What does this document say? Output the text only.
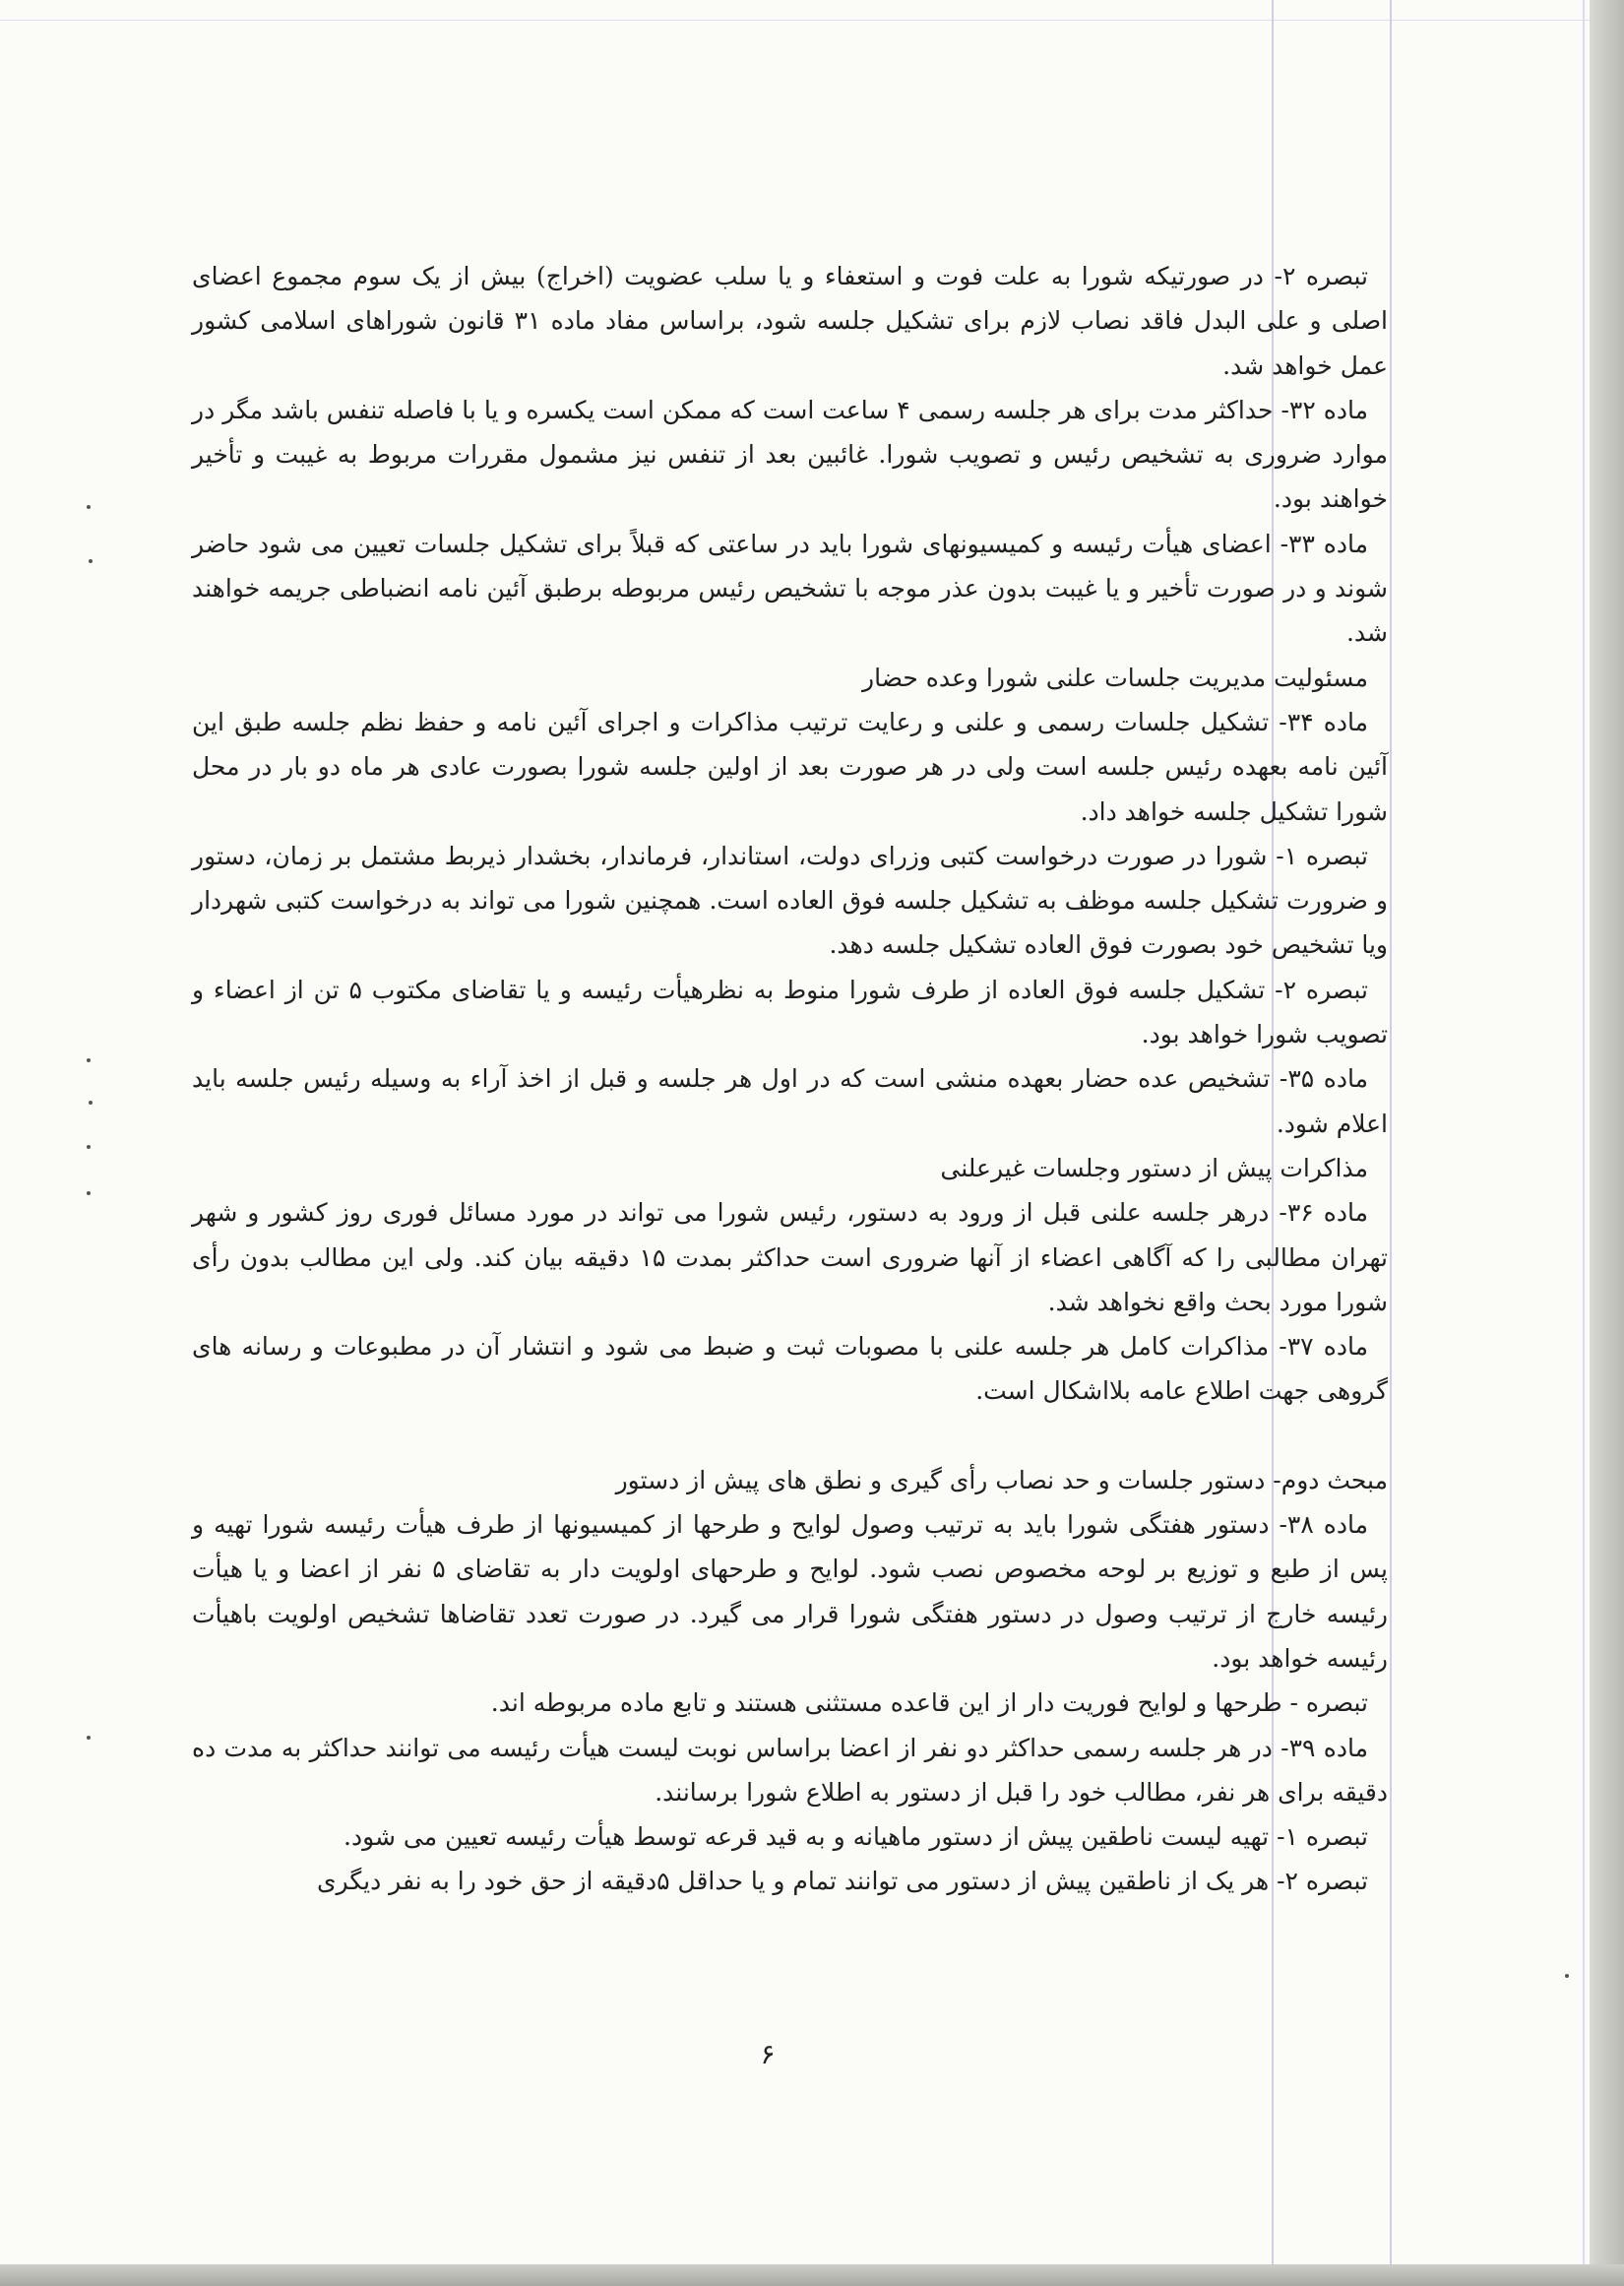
تبصره ۲- در صورتیکه شورا به علت فوت و استعفاء و یا سلب عضویت (اخراج) بیش از یک سوم مجموع اعضای اصلی و علی البدل فاقد نصاب لازم برای تشکیل جلسه شود، براساس مفاد ماده ۳۱ قانون شوراهای اسلامی کشور عمل خواهد شد.

ماده ۳۲- حداکثر مدت برای هر جلسه رسمی ۴ ساعت است که ممکن است یکسره و یا با فاصله تنفس باشد مگر در موارد ضروری به تشخیص رئیس و تصویب شورا. غائبین بعد از تنفس نیز مشمول مقررات مربوط به غیبت و تأخیر خواهند بود.

ماده ۳۳- اعضای هیأت رئیسه و کمیسیونهای شورا باید در ساعتی که قبلاً برای تشکیل جلسات تعیین می شود حاضر شوند و در صورت تأخیر و یا غیبت بدون عذر موجه با تشخیص رئیس مربوطه برطبق آئین نامه انضباطی جریمه خواهند شد.

مسئولیت مدیریت جلسات علنی شورا وعده حضار

ماده ۳۴- تشکیل جلسات رسمی و علنی و رعایت ترتیب مذاکرات و اجرای آئین نامه و حفظ نظم جلسه طبق این آئین نامه بعهده رئیس جلسه است ولی در هر صورت بعد از اولین جلسه شورا بصورت عادی هر ماه دو بار در محل شورا تشکیل جلسه خواهد داد.

تبصره ۱- شورا در صورت درخواست کتبی وزرای دولت، استاندار، فرماندار، بخشدار ذیربط مشتمل بر زمان، دستور و ضرورت تشکیل جلسه موظف به تشکیل جلسه فوق العاده است. همچنین شورا می تواند به درخواست کتبی شهردار ویا تشخیص خود بصورت فوق العاده تشکیل جلسه دهد.

تبصره ۲- تشکیل جلسه فوق العاده از طرف شورا منوط به نظرهیأت رئیسه و یا تقاضای مکتوب ۵ تن از اعضاء و تصویب شورا خواهد بود.

ماده ۳۵- تشخیص عده حضار بعهده منشی است که در اول هر جلسه و قبل از اخذ آراء به وسیله رئیس جلسه باید اعلام شود.

مذاکرات پیش از دستور وجلسات غیرعلنی

ماده ۳۶- درهر جلسه علنی قبل از ورود به دستور، رئیس شورا می تواند در مورد مسائل فوری روز کشور و شهر تهران مطالبی را که آگاهی اعضاء از آنها ضروری است حداکثر بمدت ۱۵ دقیقه بیان کند. ولی این مطالب بدون رأی شورا مورد بحث واقع نخواهد شد.

ماده ۳۷- مذاکرات کامل هر جلسه علنی با مصوبات ثبت و ضبط می شود و انتشار آن در مطبوعات و رسانه های گروهی جهت اطلاع عامه بلااشکال است.

مبحث دوم- دستور جلسات و حد نصاب رأی گیری و نطق های پیش از دستور

ماده ۳۸- دستور هفتگی شورا باید به ترتیب وصول لوایح و طرحها از کمیسیونها از طرف هیأت رئیسه شورا تهیه و پس از طبع و توزیع بر لوحه مخصوص نصب شود. لوایح و طرحهای اولویت دار به تقاضای ۵ نفر از اعضا و یا هیأت رئیسه خارج از ترتیب وصول در دستور هفتگی شورا قرار می گیرد. در صورت تعدد تقاضاها تشخیص اولویت باهیأت رئیسه خواهد بود.

تبصره - طرحها و لوایح فوریت دار از این قاعده مستثنی هستند و تابع ماده مربوطه اند.

ماده ۳۹- در هر جلسه رسمی حداکثر دو نفر از اعضا براساس نوبت لیست هیأت رئیسه می توانند حداکثر به مدت ده دقیقه برای هر نفر، مطالب خود را قبل از دستور به اطلاع شورا برسانند.

تبصره ۱- تهیه لیست ناطقین پیش از دستور ماهیانه و به قید قرعه توسط هیأت رئیسه تعیین می شود.

تبصره ۲- هر یک از ناطقین پیش از دستور می توانند تمام و یا حداقل ۵دقیقه از حق خود را به نفر دیگری

۶
